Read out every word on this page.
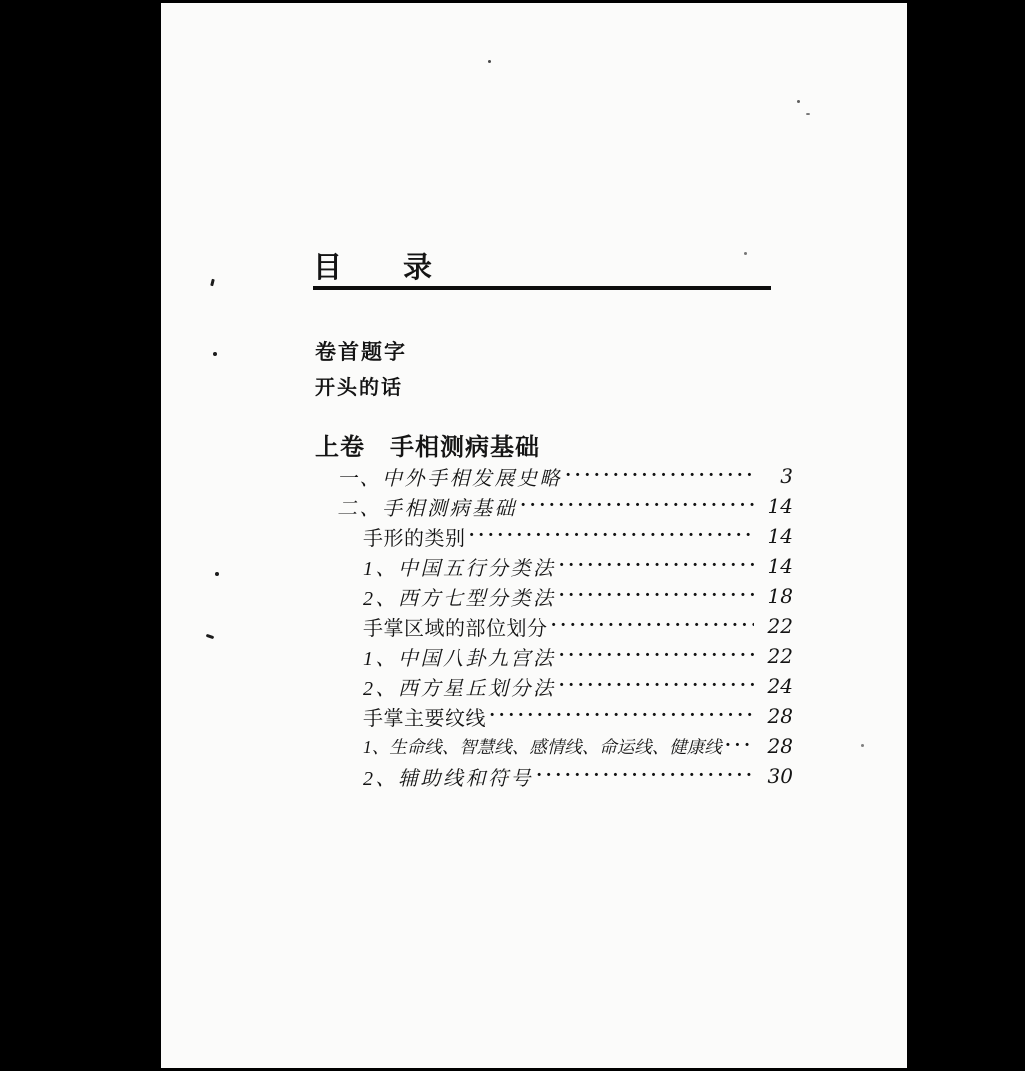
目　　录
卷首题字
开头的话
上卷　手相测病基础
一、中外手相发展史略 ·····	3
二、手相测病基础 ·····	14
手形的类别 ·····	14
1、中国五行分类法 ·····	14
2、西方七型分类法 ·····	18
手掌区域的部位划分 ·····	22
1、中国八卦九宫法 ·····	22
2、西方星丘划分法 ·····	24
手掌主要纹线 ·····	28
1、生命线、智慧线、感情线、命运线、健康线 ·····	28
2、辅助线和符号 ·····	30
